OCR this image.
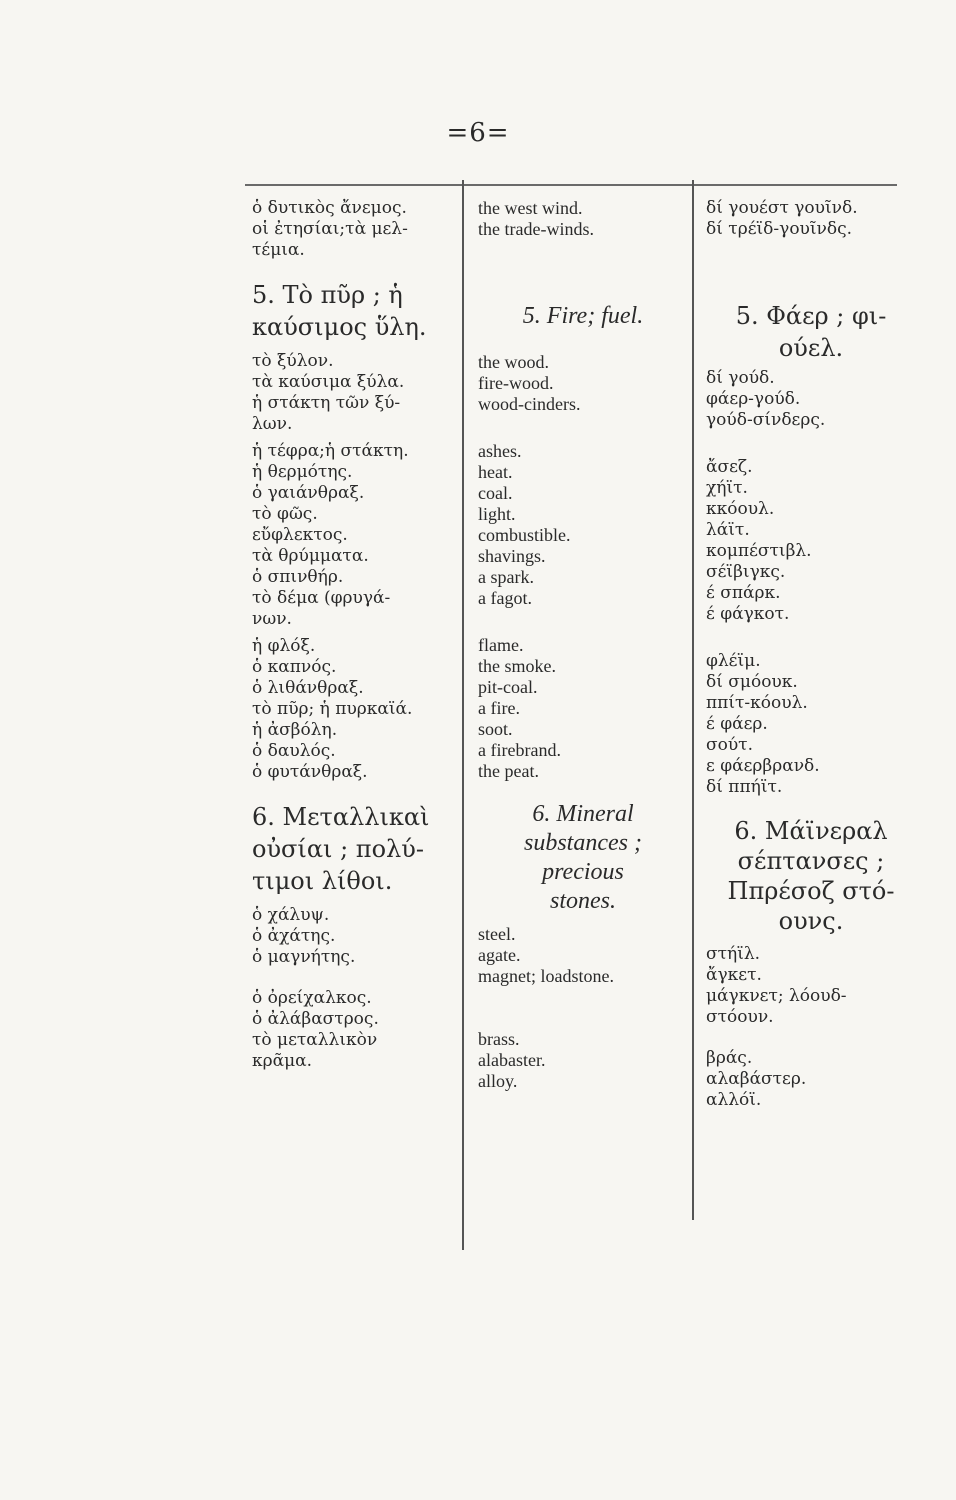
=6=
ὁ δυτικὸς ἄνεμος.
οἱ ἐτησίαι;τὰ μελ-
τέμια.
5. Τὸ πῦρ ; ἡ
καύσιμος ὕλη.
τὸ ξύλον.
τὰ καύσιμα ξύλα.
ἡ στάκτη τῶν ξύ-
λων.
ἡ τέφρα;ἡ στάκτη.
ἡ θερμότης.
ὁ γαιάνθραξ.
τὸ φῶς.
εὔφλεκτος.
τὰ θρύμματα.
ὁ σπινθήρ.
τὸ δέμα (φρυγά-
νων.
ἡ φλόξ.
ὁ καπνός.
ὁ λιθάνθραξ.
τὸ πῦρ; ἡ πυρκαϊά.
ἡ ἀσβόλη.
ὁ δαυλός.
ὁ φυτάνθραξ.
6. Μεταλλικαὶ
οὐσίαι ; πολύ-
τιμοι λίθοι.
ὁ χάλυψ.
ὁ ἀχάτης.
ὁ μαγνήτης.
ὁ ὀρείχαλκος.
ὁ ἀλάβαστρος.
τὸ μεταλλικὸν
κρᾶμα.
the west wind.
the trade-winds.
5. Fire; fuel.
the wood.
fire-wood.
wood-cinders.
ashes.
heat.
coal.
light.
combustible.
shavings.
a spark.
a fagot.
flame.
the smoke.
pit-coal.
a fire.
soot.
a firebrand.
the peat.
6. Mineral
substances ;
precious
stones.
steel.
agate.
magnet; loadstone.
brass.
alabaster.
alloy.
δί γουέστ γουῖνδ.
δί τρέϊδ-γουῖνδς.
5. Φάερ ; φι-
ούελ.
δί γούδ.
φάερ-γούδ.
γούδ-σίνδερς.
ἄσεζ.
χήϊτ.
κκόουλ.
λάϊτ.
κομπέστιβλ.
σέϊβιγκς.
έ σπάρκ.
έ φάγκοτ.
φλέϊμ.
δί σμόουκ.
ππίτ-κόουλ.
έ φάερ.
σούτ.
ε φάερβρανδ.
δί ππήϊτ.
6. Μάϊνεραλ
σέπτανσες ;
Ππρέσοζ στό-
ουνς.
στήϊλ.
ἄγκετ.
μάγκνετ; λόουδ-
στόουν.
βράς.
αλαβάστερ.
αλλόϊ.
